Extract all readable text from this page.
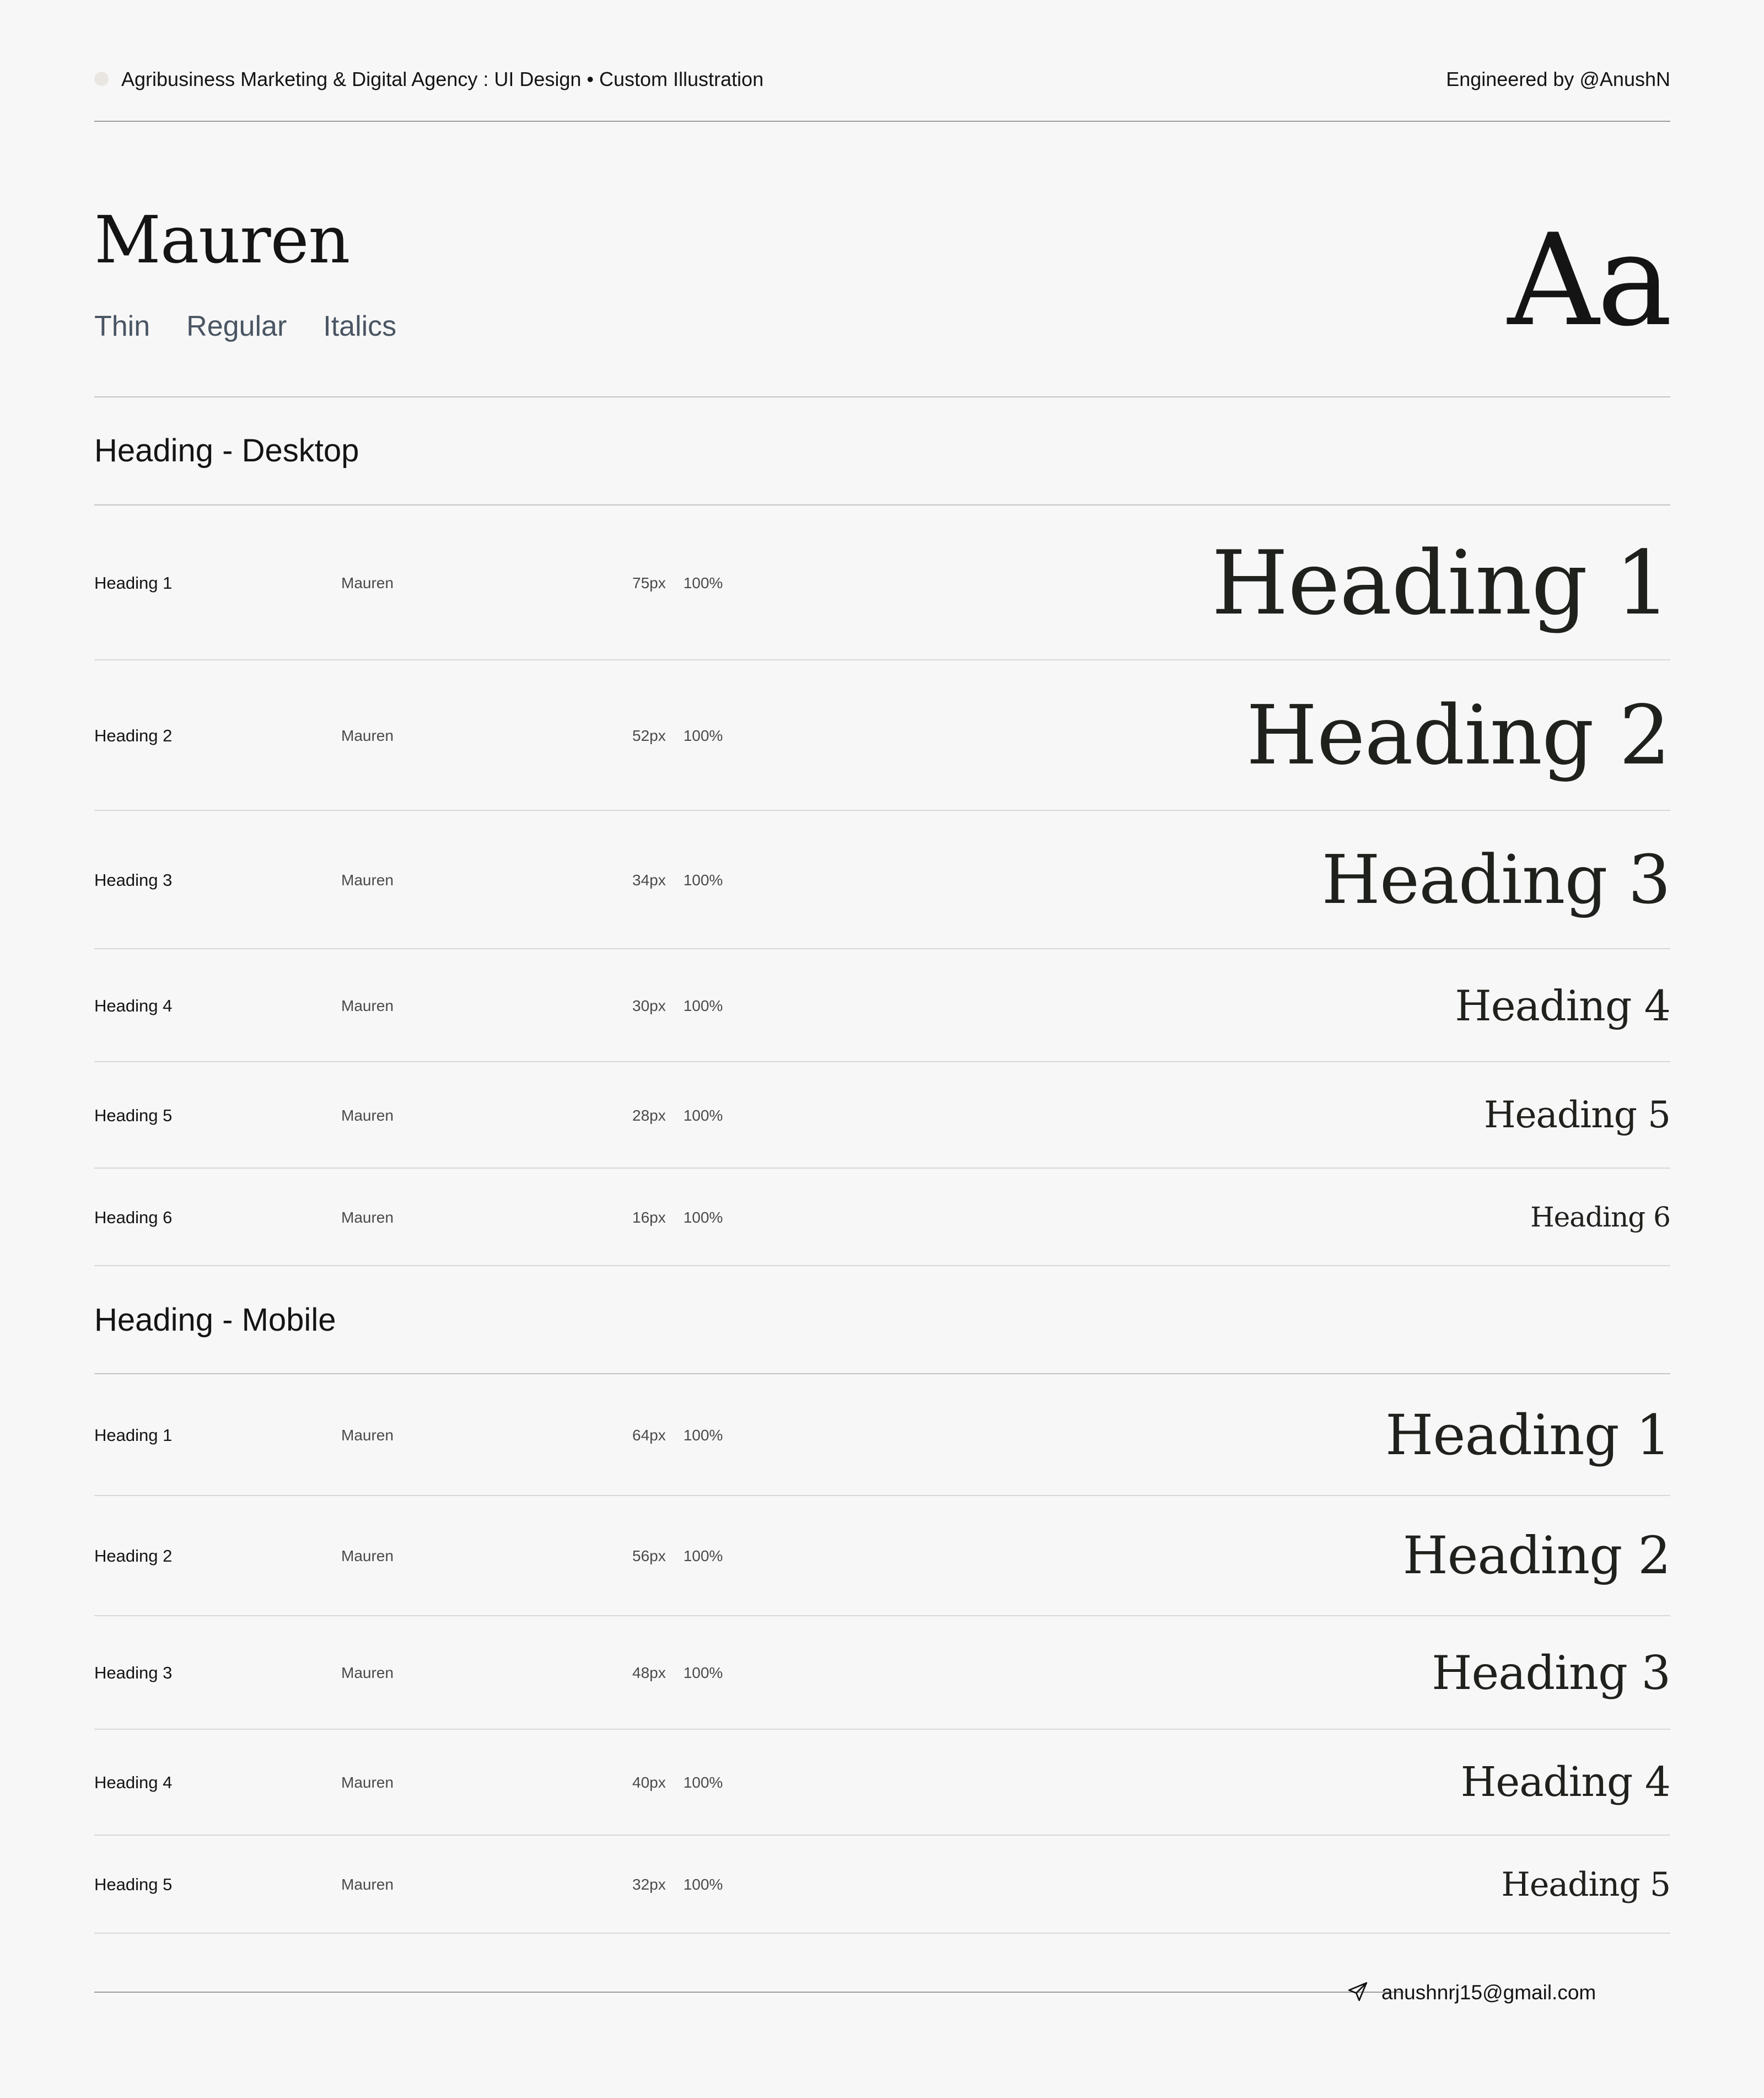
Agribusiness Marketing & Digital Agency : UI Design • Custom Illustration	Engineered by @AnushN
Mauren
Thin Regular Italics	Aa
Heading - Desktop
Heading 1	Mauren	75px 100%	Heading 1
Heading 2	Mauren	52px 100%	Heading 2
Heading 3	Mauren	34px 100%	Heading 3
Heading 4	Mauren	30px 100%	Heading 4
Heading 5	Mauren	28px 100%	Heading 5
Heading 6	Mauren	16px 100%	Heading 6
Heading - Mobile
Heading 1	Mauren	64px 100%	Heading 1
Heading 2	Mauren	56px 100%	Heading 2
Heading 3	Mauren	48px 100%	Heading 3
Heading 4	Mauren	40px 100%	Heading 4
Heading 5	Mauren	32px 100%	Heading 5
anushnrj15@gmail.com
